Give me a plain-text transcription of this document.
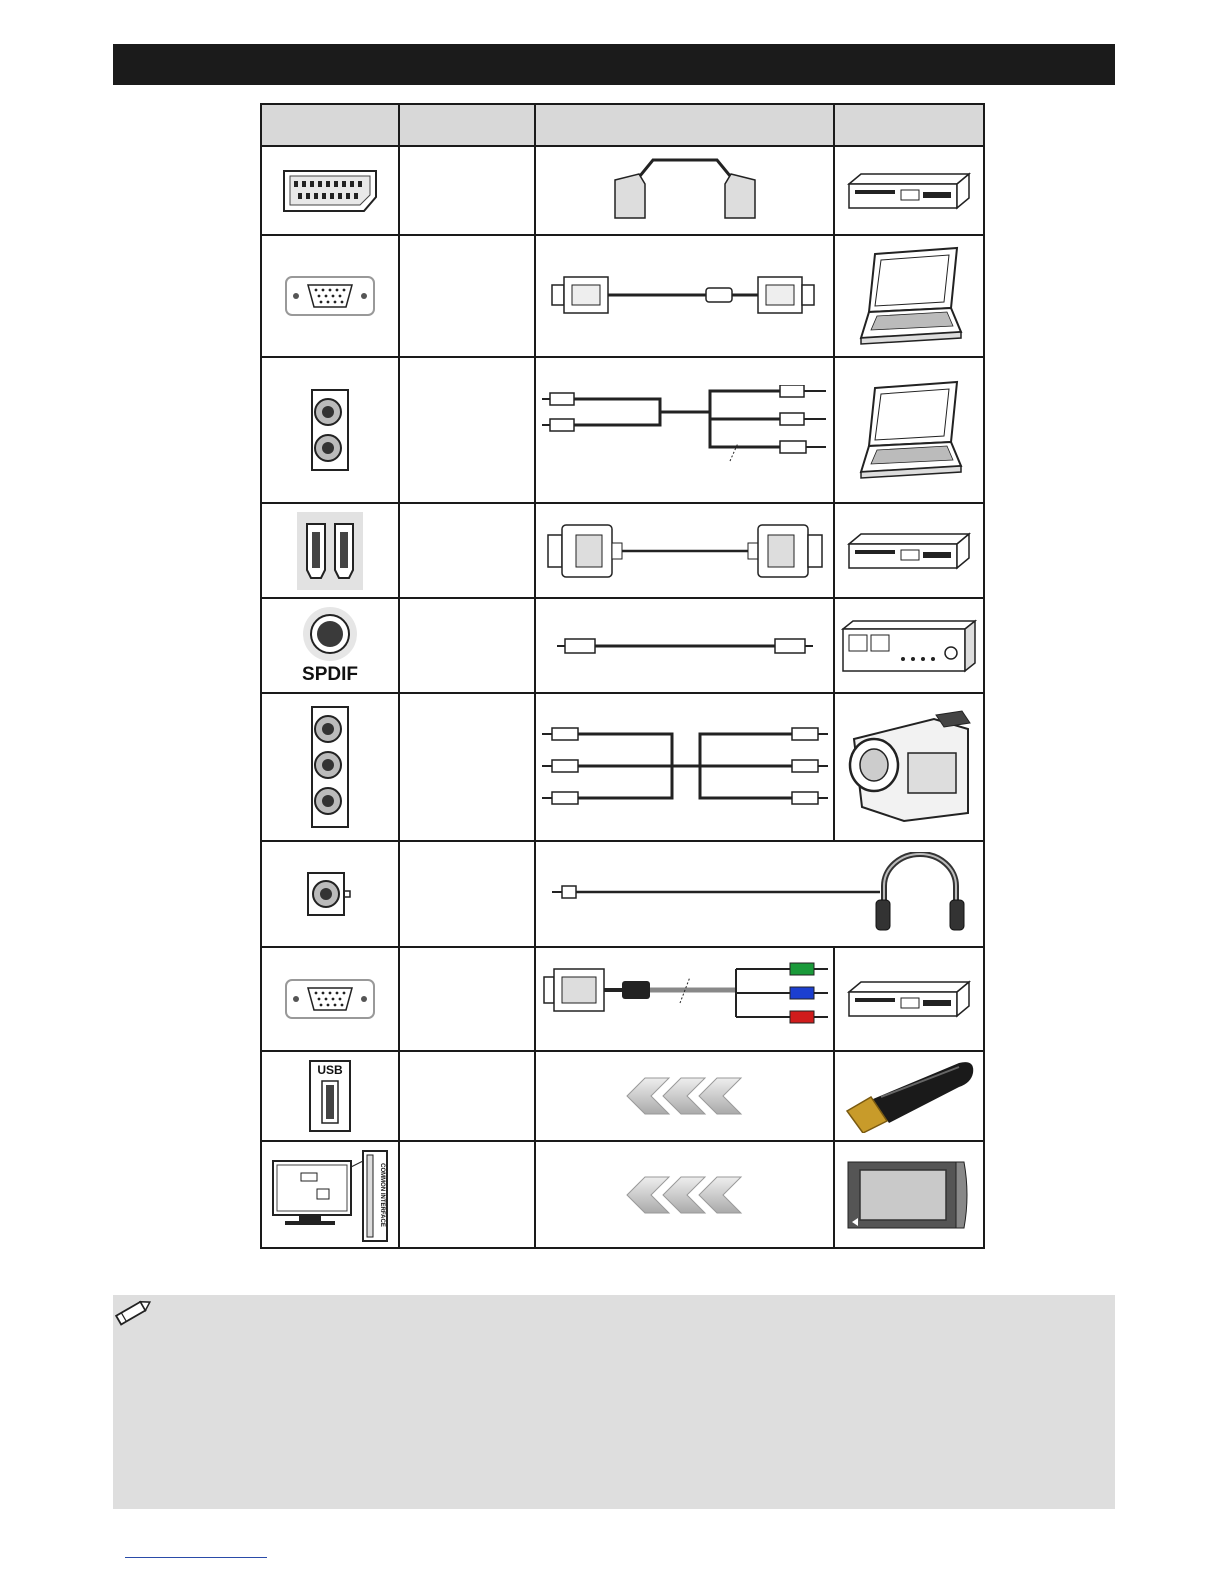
SPDIF

USB

COMMON INTERFACE
